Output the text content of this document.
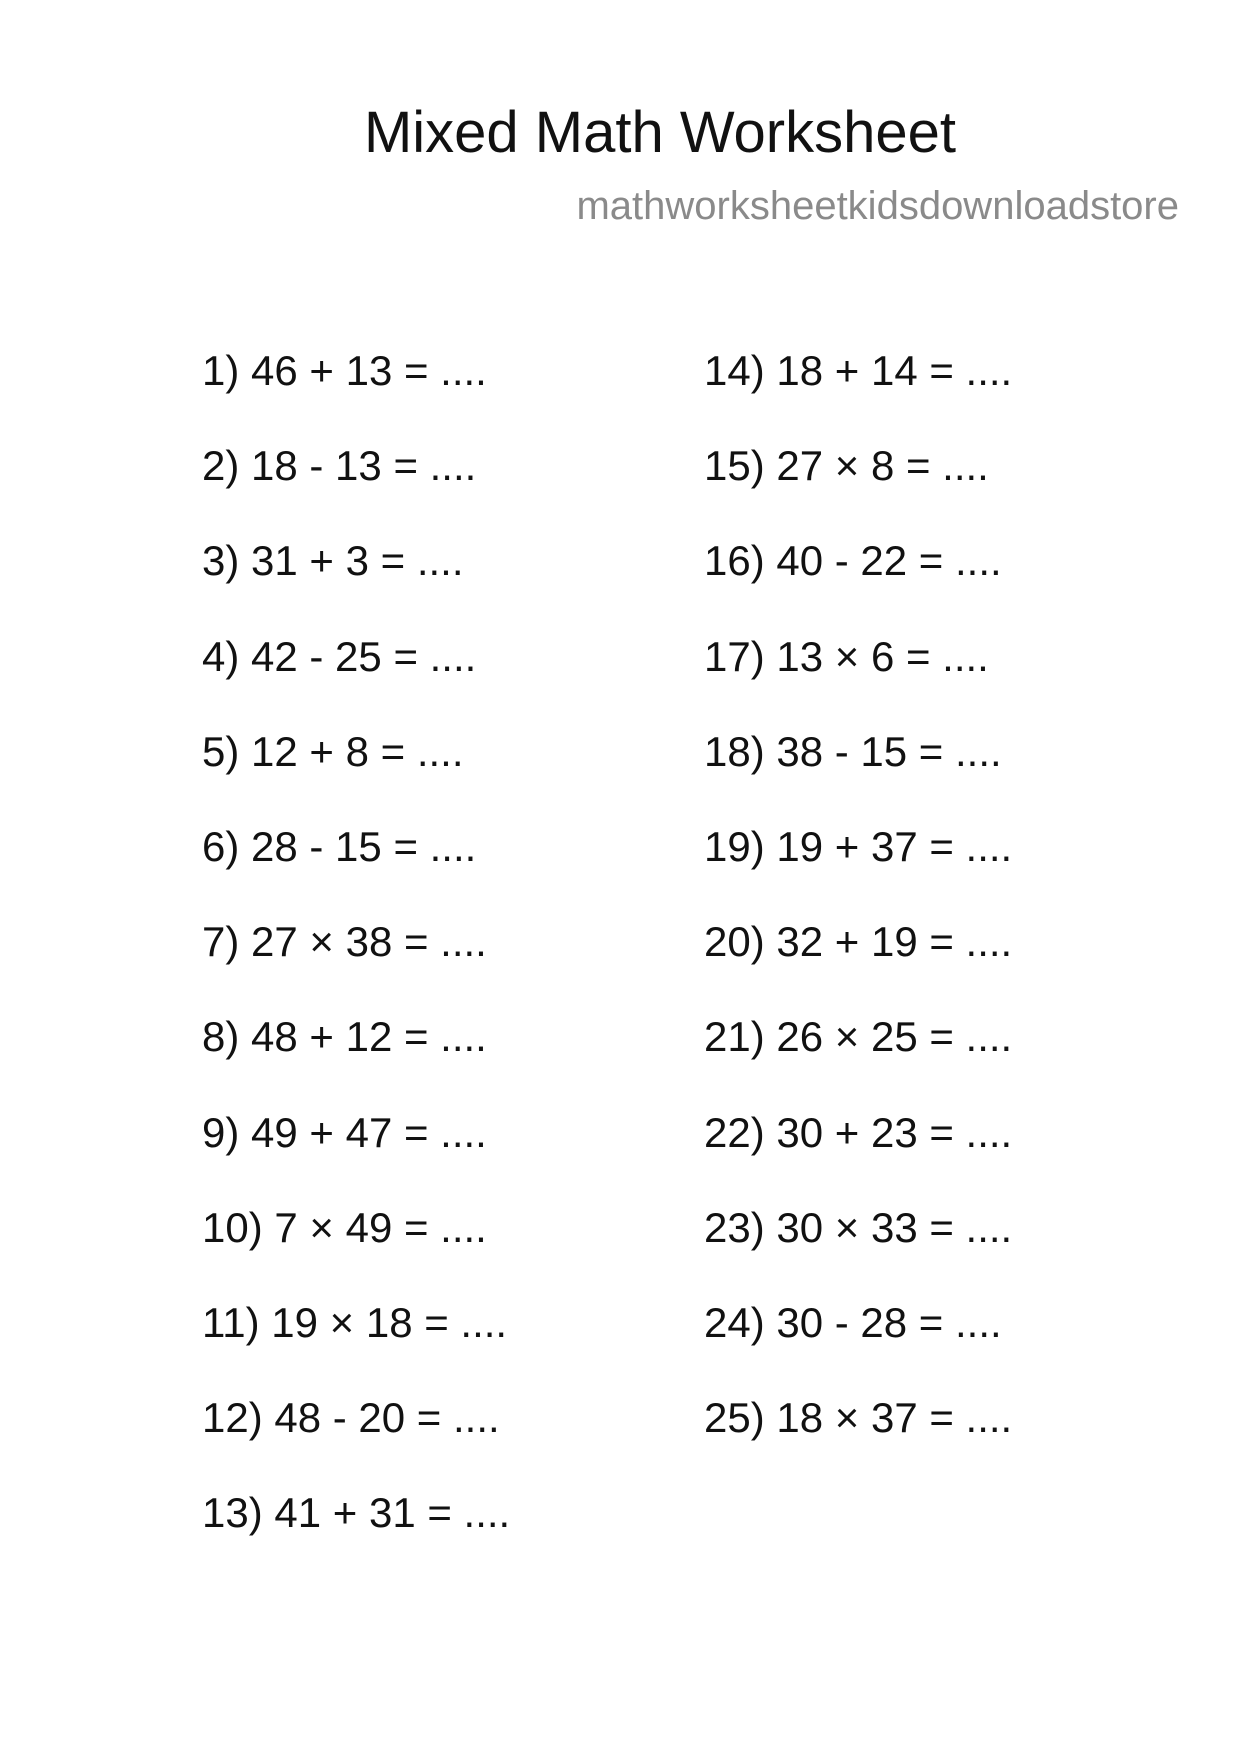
Mixed Math Worksheet
mathworksheetkidsdownloadstore
1) 46 + 13 = ....
2) 18 - 13 = ....
3) 31 + 3 = ....
4) 42 - 25 = ....
5) 12 + 8 = ....
6) 28 - 15 = ....
7) 27 × 38 = ....
8) 48 + 12 = ....
9) 49 + 47 = ....
10) 7 × 49 = ....
11) 19 × 18 = ....
12) 48 - 20 = ....
13) 41 + 31 = ....
14) 18 + 14 = ....
15) 27 × 8 = ....
16) 40 - 22 = ....
17) 13 × 6 = ....
18) 38 - 15 = ....
19) 19 + 37 = ....
20) 32 + 19 = ....
21) 26 × 25 = ....
22) 30 + 23 = ....
23) 30 × 33 = ....
24) 30 - 28 = ....
25) 18 × 37 = ....
